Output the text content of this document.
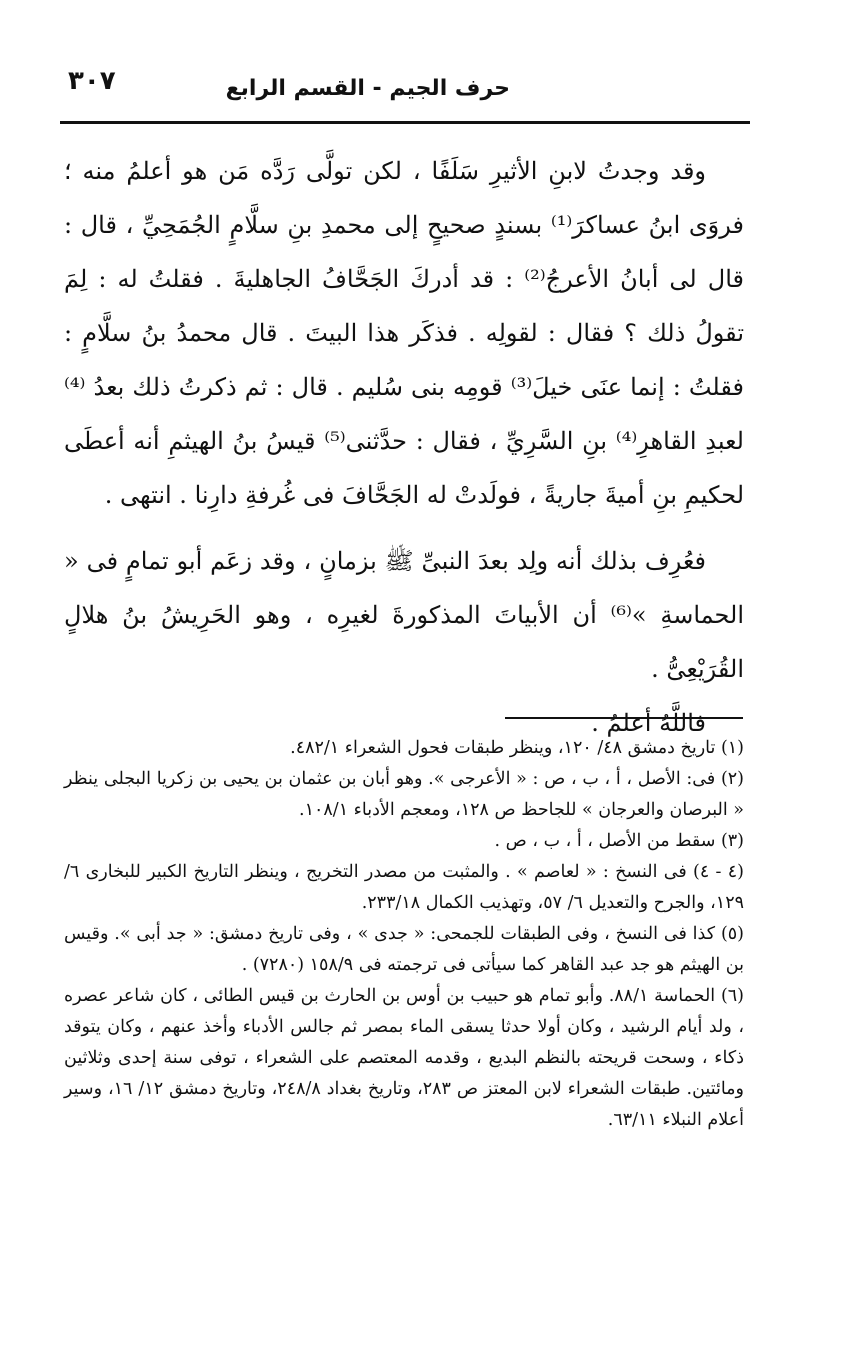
حرف الجيم - القسم الرابع
٣٠٧

وقد وجدتُ لابنِ الأثيرِ سَلَفًا ، لكن تولَّى رَدَّه مَن هو أعلمُ منه ؛ فروَى ابنُ عساكرَ⁽¹⁾ بسندٍ صحيحٍ إلى محمدِ بنِ سلَّامٍ الجُمَحِيِّ ، قال : قال لى أبانُ الأعرجُ⁽²⁾ : قد أدركَ الجَحَّافُ الجاهليةَ . فقلتُ له : لِمَ تقولُ ذلك ؟ فقال : لقولِه . فذكَر هذا البيتَ . قال محمدُ بنُ سلَّامٍ : فقلتُ : إنما عنَى خيلَ⁽³⁾ قومِه بنى سُليم . قال : ثم ذكرتُ ذلك بعدُ ⁽⁴⁾لعبدِ القاهرِ⁽⁴⁾ بنِ السَّرِيِّ ، فقال : حدَّثنى⁽⁵⁾ قيسُ بنُ الهيثمِ أنه أعطَى لحكيمِ بنِ أميةَ جاريةً ، فولَدتْ له الجَحَّافَ فى غُرفةِ دارِنا . انتهى .

فعُرِف بذلك أنه ولِد بعدَ النبىِّ ﷺ بزمانٍ ، وقد زعَم أبو تمامٍ فى « الحماسةِ »⁽⁶⁾ أن الأبياتَ المذكورةَ لغيرِه ، وهو الحَرِيشُ بنُ هلالٍ القُرَيْعِىُّ .

فاللَّهُ أعلمُ .

(١) تاريخ دمشق ٤٨/ ١٢٠، وينظر طبقات فحول الشعراء ٤٨٢/١.

(٢) فى: الأصل ، أ ، ب ، ص : « الأعرجى ». وهو أبان بن عثمان بن يحيى بن زكريا البجلى ينظر « البرصان والعرجان » للجاحظ ص ١٢٨، ومعجم الأدباء ١٠٨/١.

(٣) سقط من الأصل ، أ ، ب ، ص .

(٤ - ٤) فى النسخ : « لعاصم » . والمثبت من مصدر التخريج ، وينظر التاريخ الكبير للبخارى ٦/ ١٢٩، والجرح والتعديل ٦/ ٥٧، وتهذيب الكمال ٢٣٣/١٨.

(٥) كذا فى النسخ ، وفى الطبقات للجمحى: « جدى » ، وفى تاريخ دمشق: « جد أبى ». وقيس بن الهيثم هو جد عبد القاهر كما سيأتى فى ترجمته فى ١٥٨/٩ (٧٢٨٠) .

(٦) الحماسة ٨٨/١. وأبو تمام هو حبيب بن أوس بن الحارث بن قيس الطائى ، كان شاعر عصره ، ولد أيام الرشيد ، وكان أولا حدثا يسقى الماء بمصر ثم جالس الأدباء وأخذ عنهم ، وكان يتوقد ذكاء ، وسحت قريحته بالنظم البديع ، وقدمه المعتصم على الشعراء ، توفى سنة إحدى وثلاثين ومائتين. طبقات الشعراء لابن المعتز ص ٢٨٣، وتاريخ بغداد ٢٤٨/٨، وتاريخ دمشق ١٢/ ١٦، وسير أعلام النبلاء ٦٣/١١.
